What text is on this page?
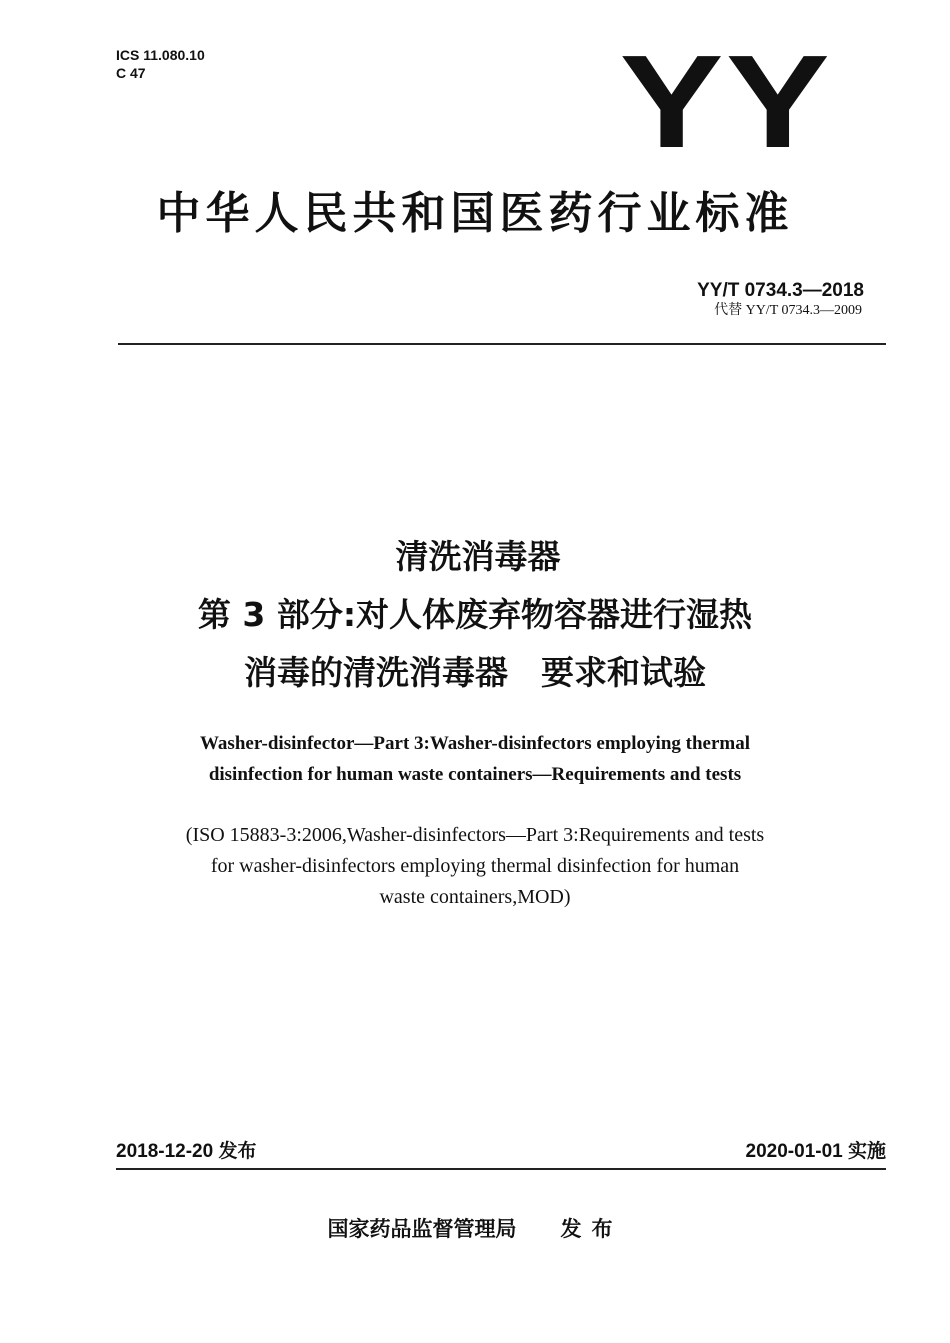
ICS 11.080.10
C 47	YY
中华人民共和国医药行业标准
YY/T 0734.3—2018
代替 YY/T 0734.3—2009
清洗消毒器
第 3 部分:对人体废弃物容器进行湿热
消毒的清洗消毒器　要求和试验
Washer-disinfector—Part 3:Washer-disinfectors employing thermal
disinfection for human waste containers—Requirements and tests
(ISO 15883-3:2006,Washer-disinfectors—Part 3:Requirements and tests
for washer-disinfectors employing thermal disinfection for human
waste containers,MOD)
2018-12-20 发布	2020-01-01 实施
国家药品监督管理局 发布
